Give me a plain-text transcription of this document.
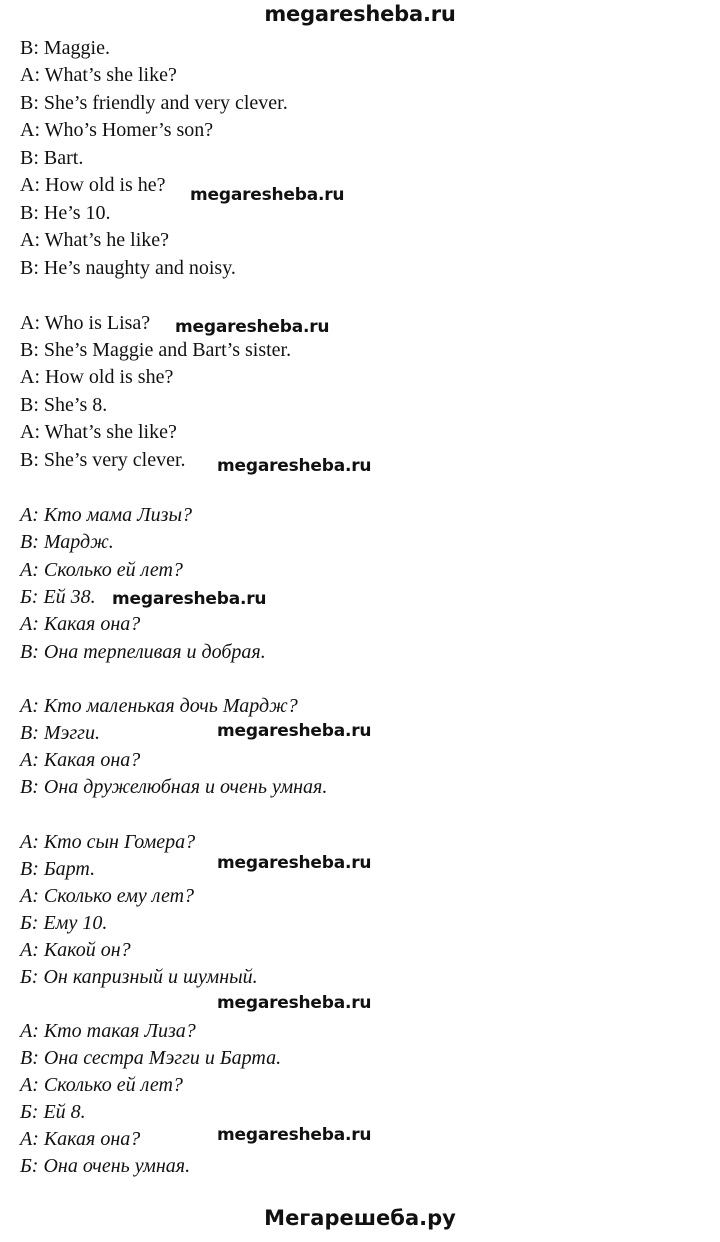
megaresheba.ru
B: Maggie.
A: What’s she like?
B: She’s friendly and very clever.
A: Who’s Homer’s son?
B: Bart.
A: How old is he?
B: He’s 10.
A: What’s he like?
B: He’s naughty and noisy.
A: Who is Lisa?
B: She’s Maggie and Bart’s sister.
A: How old is she?
B: She’s 8.
A: What’s she like?
B: She’s very clever.
А: Кто мама Лизы?
В: Мардж.
А: Сколько ей лет?
Б: Ей 38.
А: Какая она?
В: Она терпеливая и добрая.
А: Кто маленькая дочь Мардж?
В: Мэгги.
А: Какая она?
В: Она дружелюбная и очень умная.
А: Кто сын Гомера?
В: Барт.
А: Сколько ему лет?
Б: Ему 10.
А: Какой он?
Б: Он капризный и шумный.
А: Кто такая Лиза?
В: Она сестра Мэгги и Барта.
А: Сколько ей лет?
Б: Ей 8.
А: Какая она?
Б: Она очень умная.
megaresheba.ru
megaresheba.ru
megaresheba.ru
megaresheba.ru
megaresheba.ru
megaresheba.ru
megaresheba.ru
megaresheba.ru
Мегарешеба.ру
